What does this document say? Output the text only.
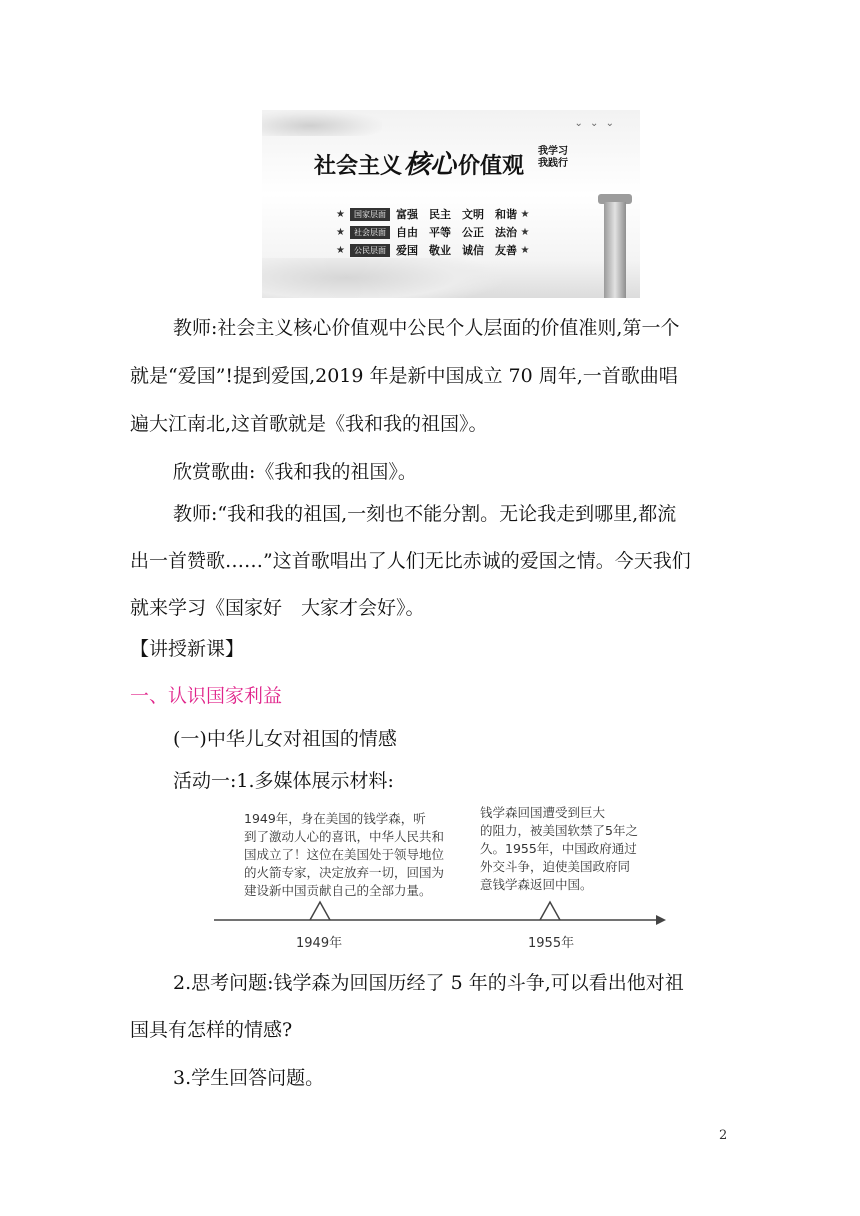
⌄ ⌄ ⌄
社会主义核心价值观
我学习
我践行
★	国家层面 富强　民主　文明　和谐 ★
★	社会层面 自由　平等　公正　法治 ★
★	公民层面 爱国　敬业　诚信　友善 ★

教师:社会主义核心价值观中公民个人层面的价值准则,第一个

就是“爱国”!提到爱国,2019 年是新中国成立 70 周年,一首歌曲唱

遍大江南北,这首歌就是《我和我的祖国》。

欣赏歌曲:《我和我的祖国》。

教师:“我和我的祖国,一刻也不能分割。无论我走到哪里,都流

出一首赞歌……”这首歌唱出了人们无比赤诚的爱国之情。今天我们

就来学习《国家好　大家才会好》。

【讲授新课】

一、认识国家利益

(一)中华儿女对祖国的情感

活动一:1.多媒体展示材料:

1949年，身在美国的钱学森，听
到了激动人心的喜讯，中华人民共和
国成立了！这位在美国处于领导地位
的火箭专家，决定放弃一切，回国为
建设新中国贡献自己的全部力量。
钱学森回国遭受到巨大
的阻力，被美国软禁了5年之
久。1955年，中国政府通过
外交斗争，迫使美国政府同
意钱学森返回中国。
1949年	1955年

2.思考问题:钱学森为回国历经了 5 年的斗争,可以看出他对祖

国具有怎样的情感?

3.学生回答问题。

2
